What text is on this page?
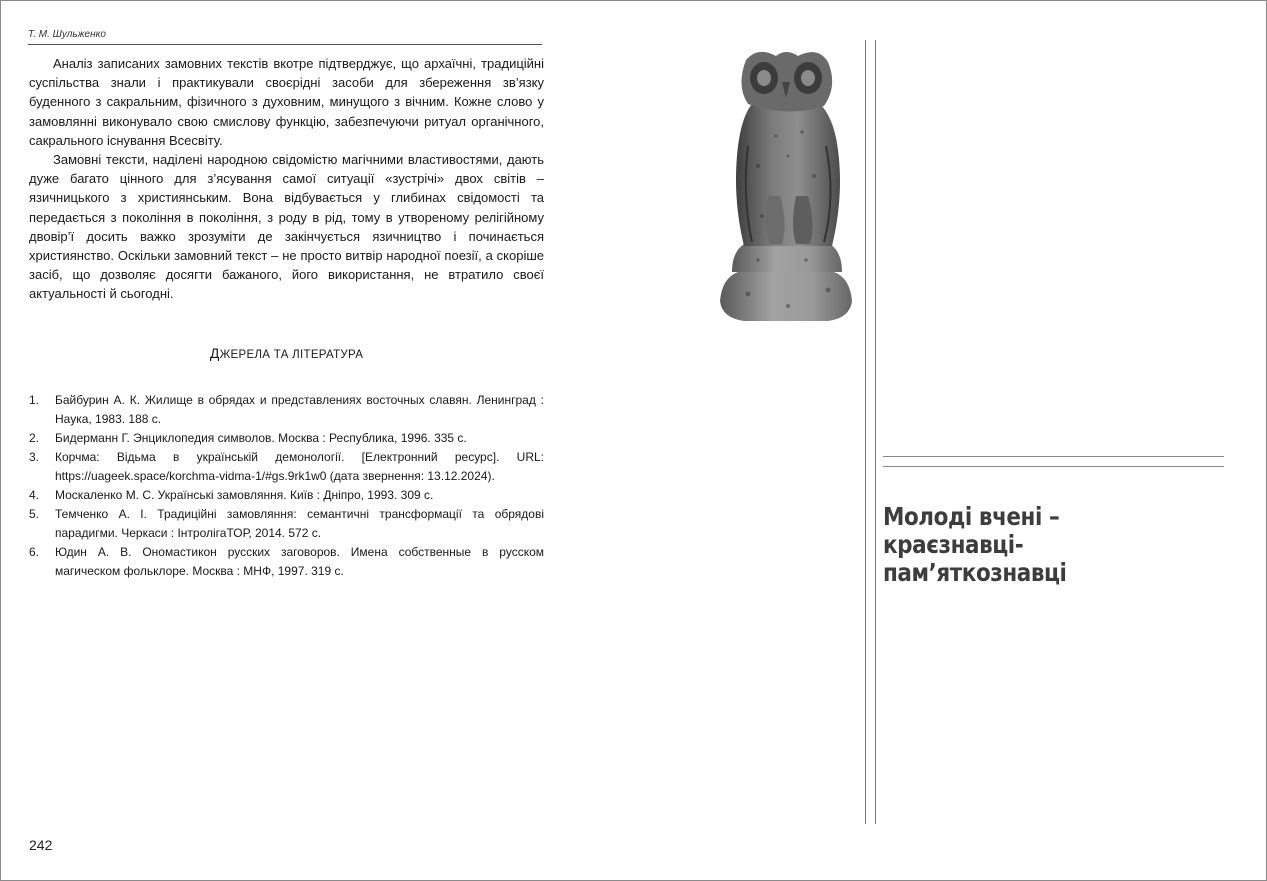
Т. М. Шульженко

Аналіз записаних замовних текстів вкотре підтверджує, що архаїчні, традиційні суспільства знали і практикували своєрідні засоби для збереження зв’язку буденного з сакральним, фізичного з духовним, минущого з вічним. Кожне слово у замовлянні виконувало свою смислову функцію, забезпечуючи ритуал органічного, сакрального існування Всесвіту.

Замовні тексти, наділені народною свідомістю магічними властивостями, дають дуже багато цінного для з’ясування самої ситуації «зустрічі» двох світів – язичницького з християнським. Вона відбувається у глибинах свідомості та передається з покоління в покоління, з роду в рід, тому в утвореному релігійному двовір’ї досить важко зрозуміти де закінчується язичництво і починається християнство. Оскільки замовний текст – не просто витвір народної поезії, а скоріше засіб, що дозволяє досягти бажаного, його використання, не втратило своєї актуальності й сьогодні.

ДЖЕРЕЛА ТА ЛІТЕРАТУРА
1. Байбурин А. К. Жилище в обрядах и представлениях восточных славян. Ленинград : Наука, 1983. 188 с.
2. Бидерманн Г. Энциклопедия символов. Москва : Республика, 1996. 335 с.
3. Корчма: Відьма в українській демонології. [Електронний ресурс]. URL: https://uageek.space/korchma-vidma-1/#gs.9rk1w0 (дата звернення: 13.12.2024).
4. Москаленко М. С. Українські замовляння. Київ : Дніпро, 1993. 309 с.
5. Темченко А. І. Традиційні замовляння: семантичні трансформації та обрядові парадигми. Черкаси : ІнтролігаТОР, 2014. 572 с.
6. Юдин А. В. Ономастикон русских заговоров. Имена собственные в русском магическом фольклоре. Москва : МНФ, 1997. 319 с.
242
Молоді вчені –
краєзнавці-
пам’яткознавці
